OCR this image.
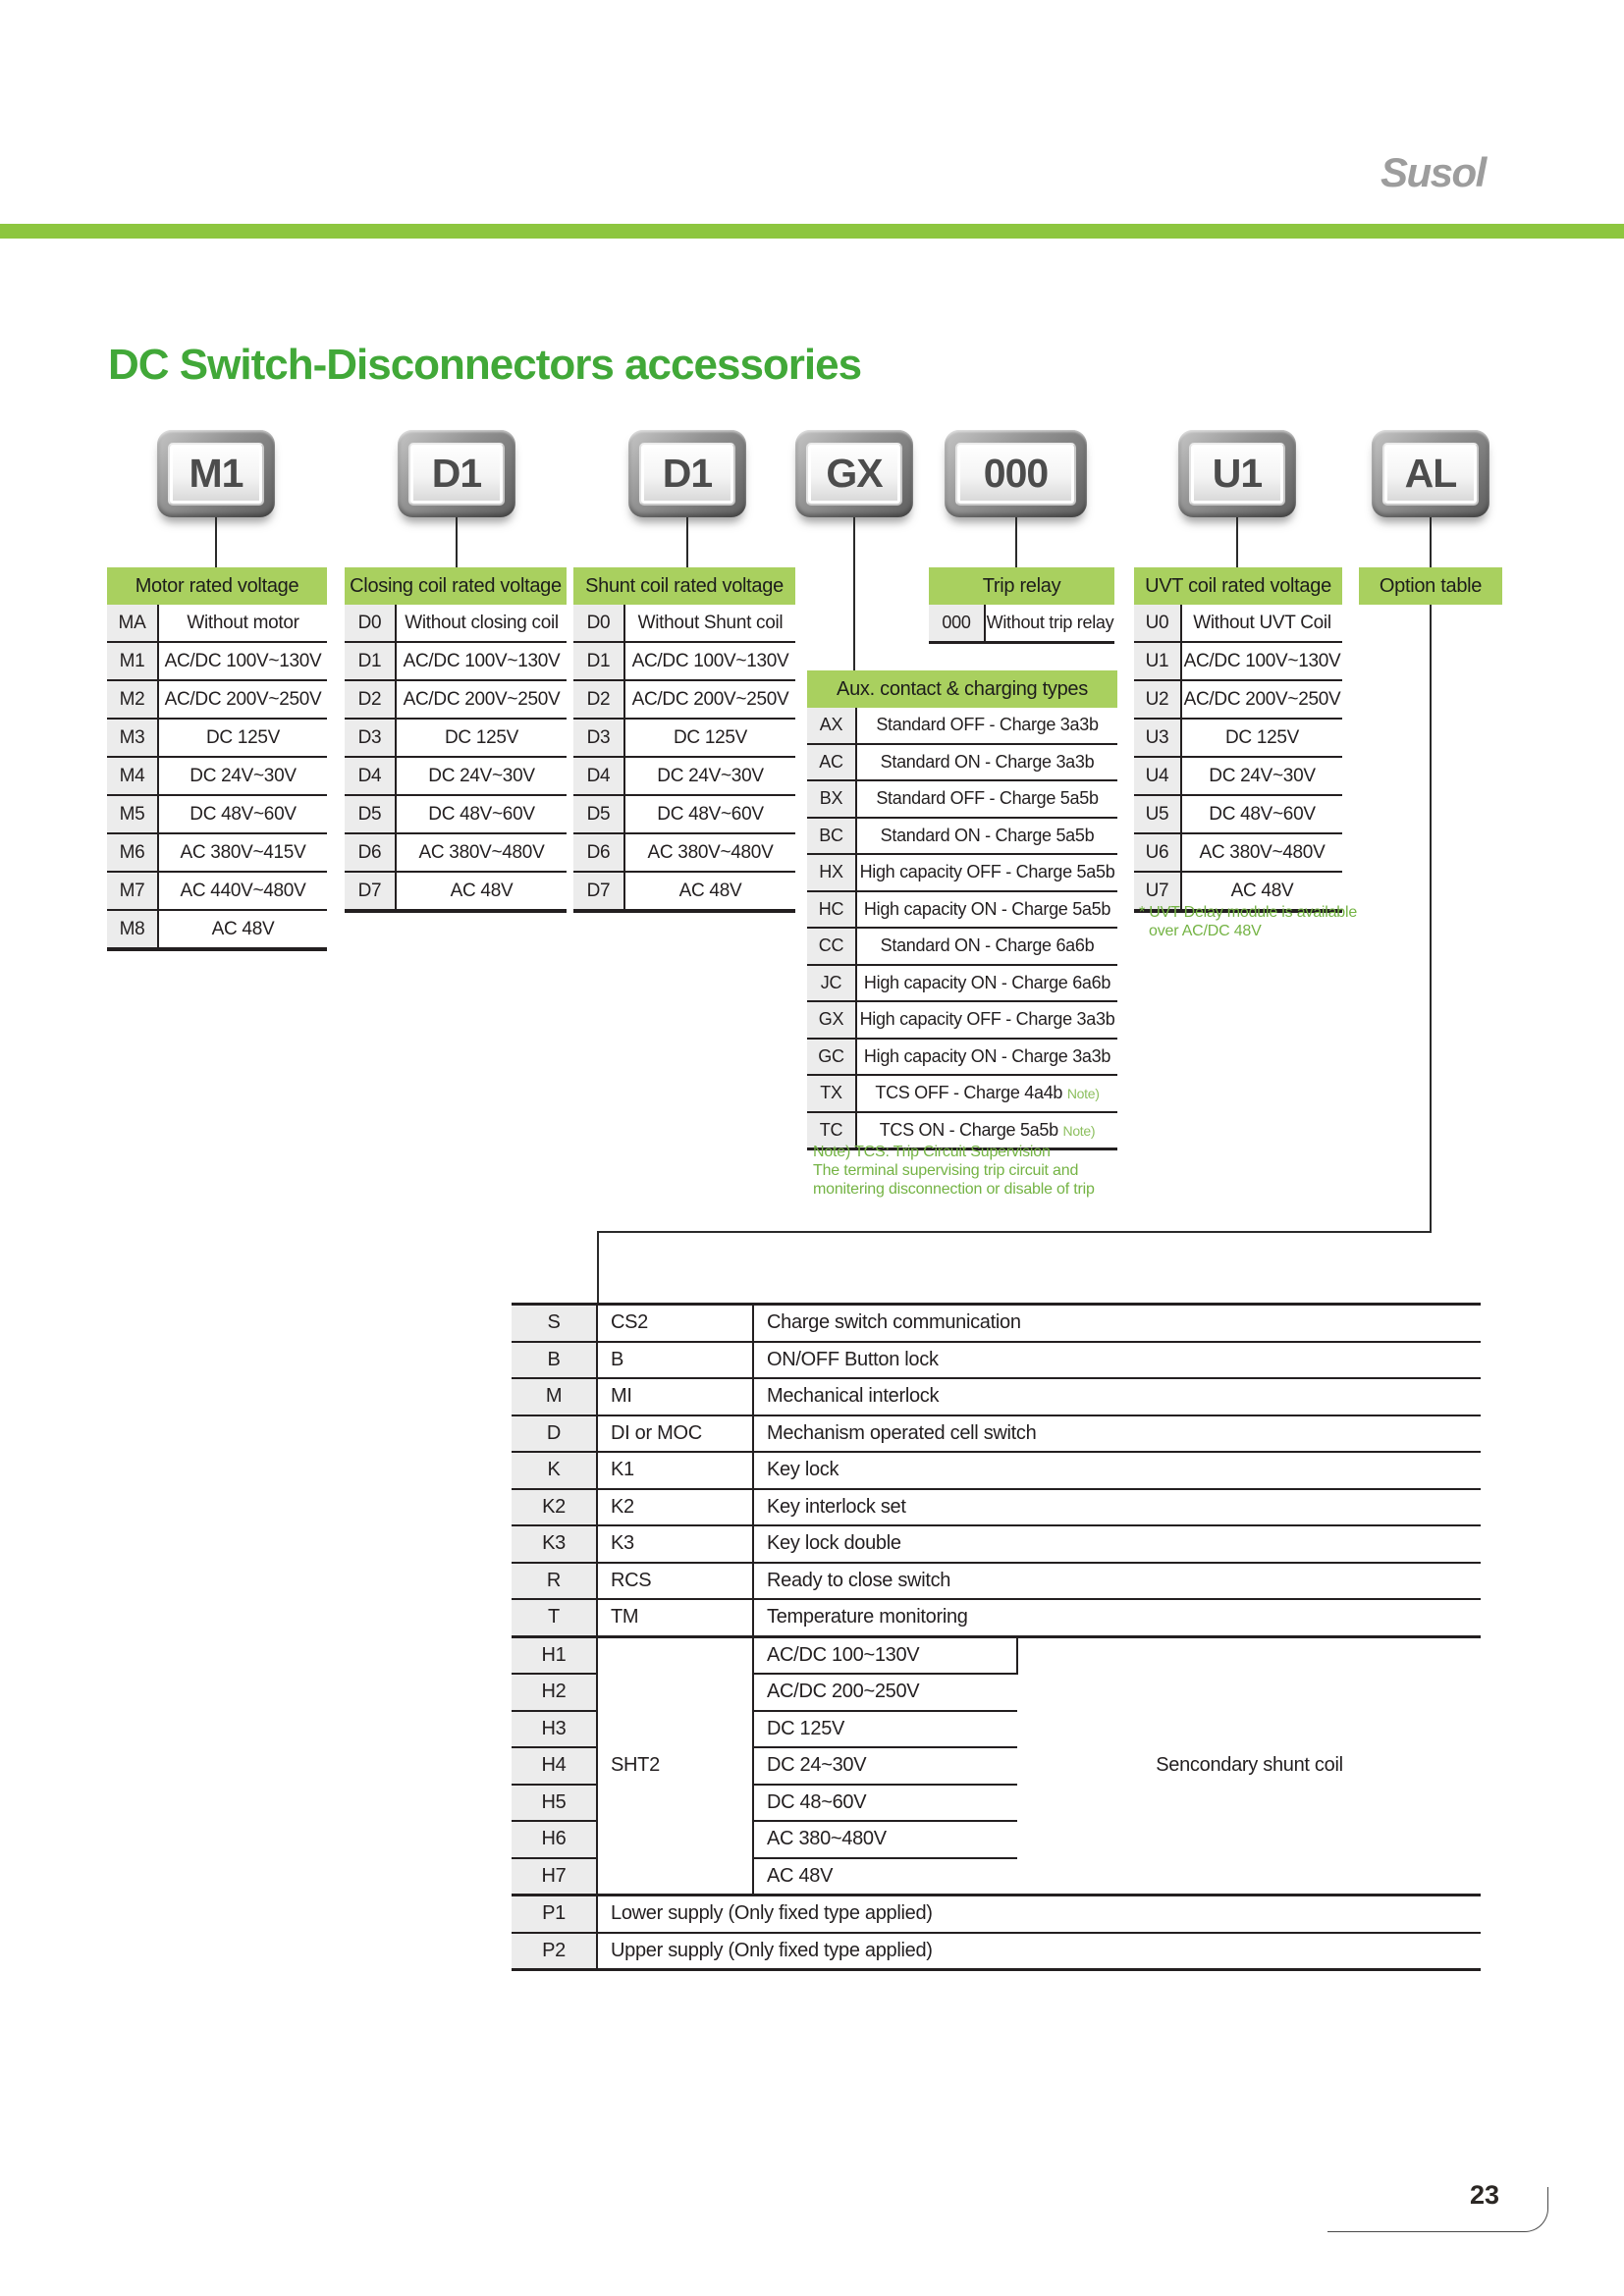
Susol
DC Switch-Disconnectors accessories
M1	D1	D1	GX	000	U1	AL
Motor rated voltage	Closing coil rated voltage	Shunt coil rated voltage	Trip relay	UVT coil rated voltage	Option table
Aux. contact & charging types
MA	Without motor
M1	AC/DC 100V~130V
M2	AC/DC 200V~250V
M3	DC 125V
M4	DC 24V~30V
M5	DC 48V~60V
M6	AC 380V~415V
M7	AC 440V~480V
M8	AC 48V
D0	Without closing coil
D1	AC/DC 100V~130V
D2	AC/DC 200V~250V
D3	DC 125V
D4	DC 24V~30V
D5	DC 48V~60V
D6	AC 380V~480V
D7	AC 48V
D0	Without Shunt coil
D1	AC/DC 100V~130V
D2	AC/DC 200V~250V
D3	DC 125V
D4	DC 24V~30V
D5	DC 48V~60V
D6	AC 380V~480V
D7	AC 48V
000	Without trip relay
AX	Standard OFF - Charge 3a3b
AC	Standard ON - Charge 3a3b
BX	Standard OFF - Charge 5a5b
BC	Standard ON - Charge 5a5b
HX	High capacity OFF - Charge 5a5b
HC	High capacity ON - Charge 5a5b
CC	Standard ON - Charge 6a6b
JC	High capacity ON - Charge 6a6b
GX	High capacity OFF - Charge 3a3b
GC	High capacity ON - Charge 3a3b
TX	TCS OFF - Charge 4a4b Note)
TC	TCS ON - Charge 5a5b Note)
U0	Without UVT Coil
U1	AC/DC 100V~130V
U2	AC/DC 200V~250V
U3	DC 125V
U4	DC 24V~30V
U5	DC 48V~60V
U6	AC 380V~480V
U7	AC 48V
* UVT Delay module is available
over AC/DC 48V
Note) TCS: Trip Circuit Supervision
The terminal supervising trip circuit and
monitering disconnection or disable of trip
S	CS2	Charge switch communication	
B	B	ON/OFF Button lock	
M	MI	Mechanical interlock	
D	DI or MOC	Mechanism operated cell switch	
K	K1	Key lock	
K2	K2	Key interlock set	
K3	K3	Key lock double	
R	RCS	Ready to close switch	
T	TM	Temperature monitoring	
H1	SHT2	AC/DC 100~130V	Sencondary shunt coil
H2		AC/DC 200~250V	
H3		DC 125V	
H4		DC 24~30V	
H5		DC 48~60V	
H6		AC 380~480V	
H7		AC 48V	
P1	Lower supply (Only fixed type applied)		
P2	Upper supply (Only fixed type applied)		
23
